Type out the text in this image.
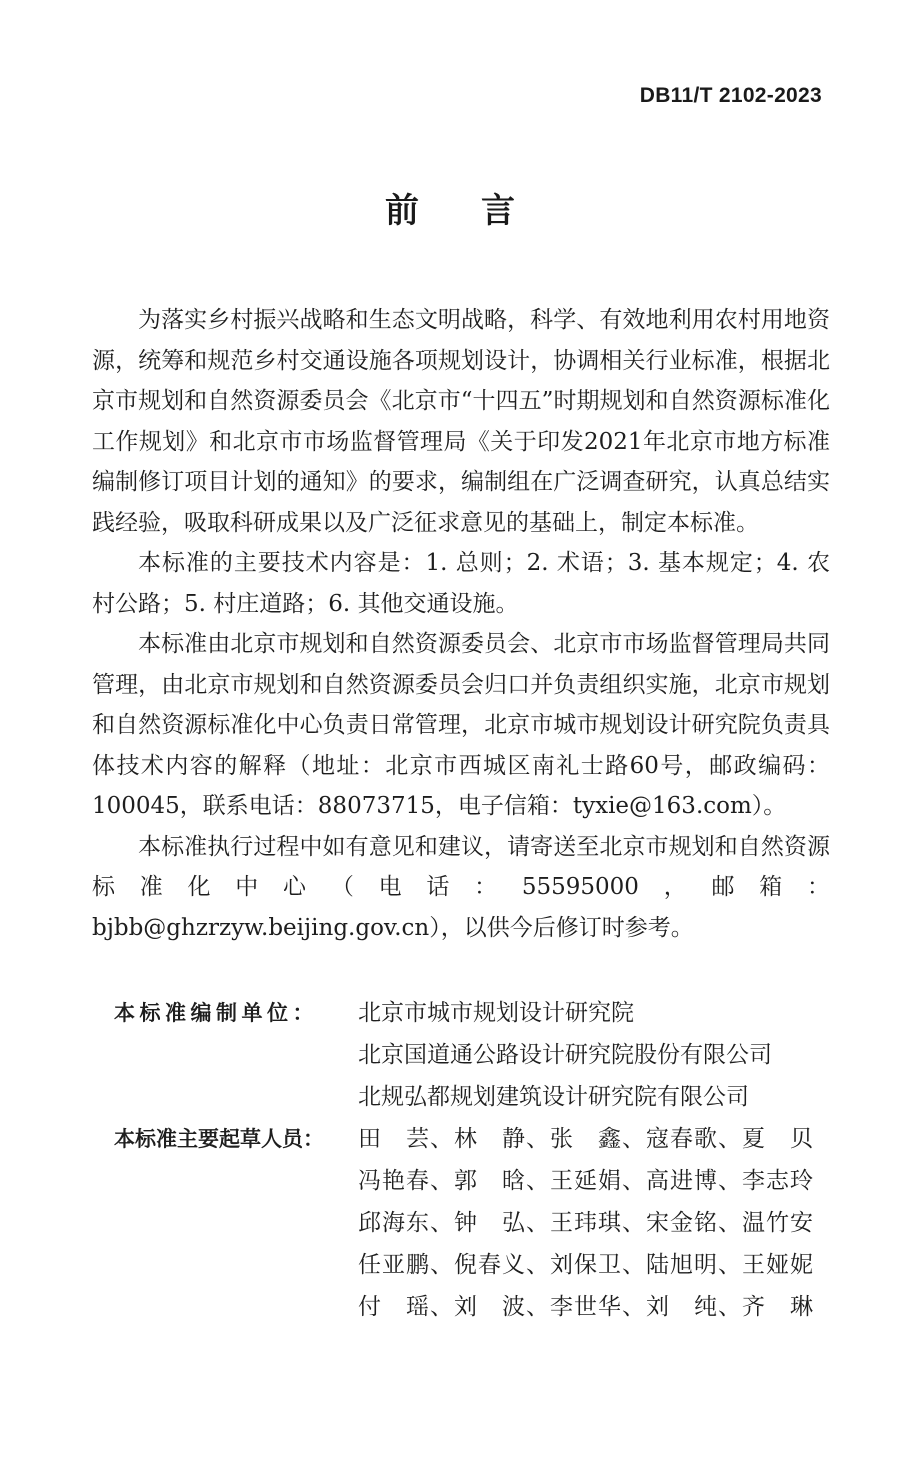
DB11/T 2102-2023
前言

为落实乡村振兴战略和生态文明战略，科学、有效地利用农村用地资源，统筹和规范乡村交通设施各项规划设计，协调相关行业标准，根据北京市规划和自然资源委员会《北京市“十四五”时期规划和自然资源标准化工作规划》和北京市市场监督管理局《关于印发2021年北京市地方标准编制修订项目计划的通知》的要求，编制组在广泛调查研究，认真总结实践经验，吸取科研成果以及广泛征求意见的基础上，制定本标准。

本标准的主要技术内容是：1. 总则；2. 术语；3. 基本规定；4. 农村公路；5. 村庄道路；6. 其他交通设施。

本标准由北京市规划和自然资源委员会、北京市市场监督管理局共同管理，由北京市规划和自然资源委员会归口并负责组织实施，北京市规划和自然资源标准化中心负责日常管理，北京市城市规划设计研究院负责具体技术内容的解释（地址：北京市西城区南礼士路60号，邮政编码：100045，联系电话：88073715，电子信箱：tyxie@163.com）。

本标准执行过程中如有意见和建议，请寄送至北京市规划和自然资源标准化中心（电话：55595000，邮箱：bjbb@ghzrzyw.beijing.gov.cn），以供今后修订时参考。

本标准编制单位：	北京市城市规划设计研究院
北京国道通公路设计研究院股份有限公司
北规弘都规划建筑设计研究院有限公司
本标准主要起草人员：	田　芸、林　静、张　鑫、寇春歌、夏　贝
冯艳春、郭　晗、王延娟、高进博、李志玲
邱海东、钟　弘、王玮琪、宋金铭、温竹安
任亚鹏、倪春义、刘保卫、陆旭明、王娅妮
付　瑶、刘　波、李世华、刘　纯、齐　琳
